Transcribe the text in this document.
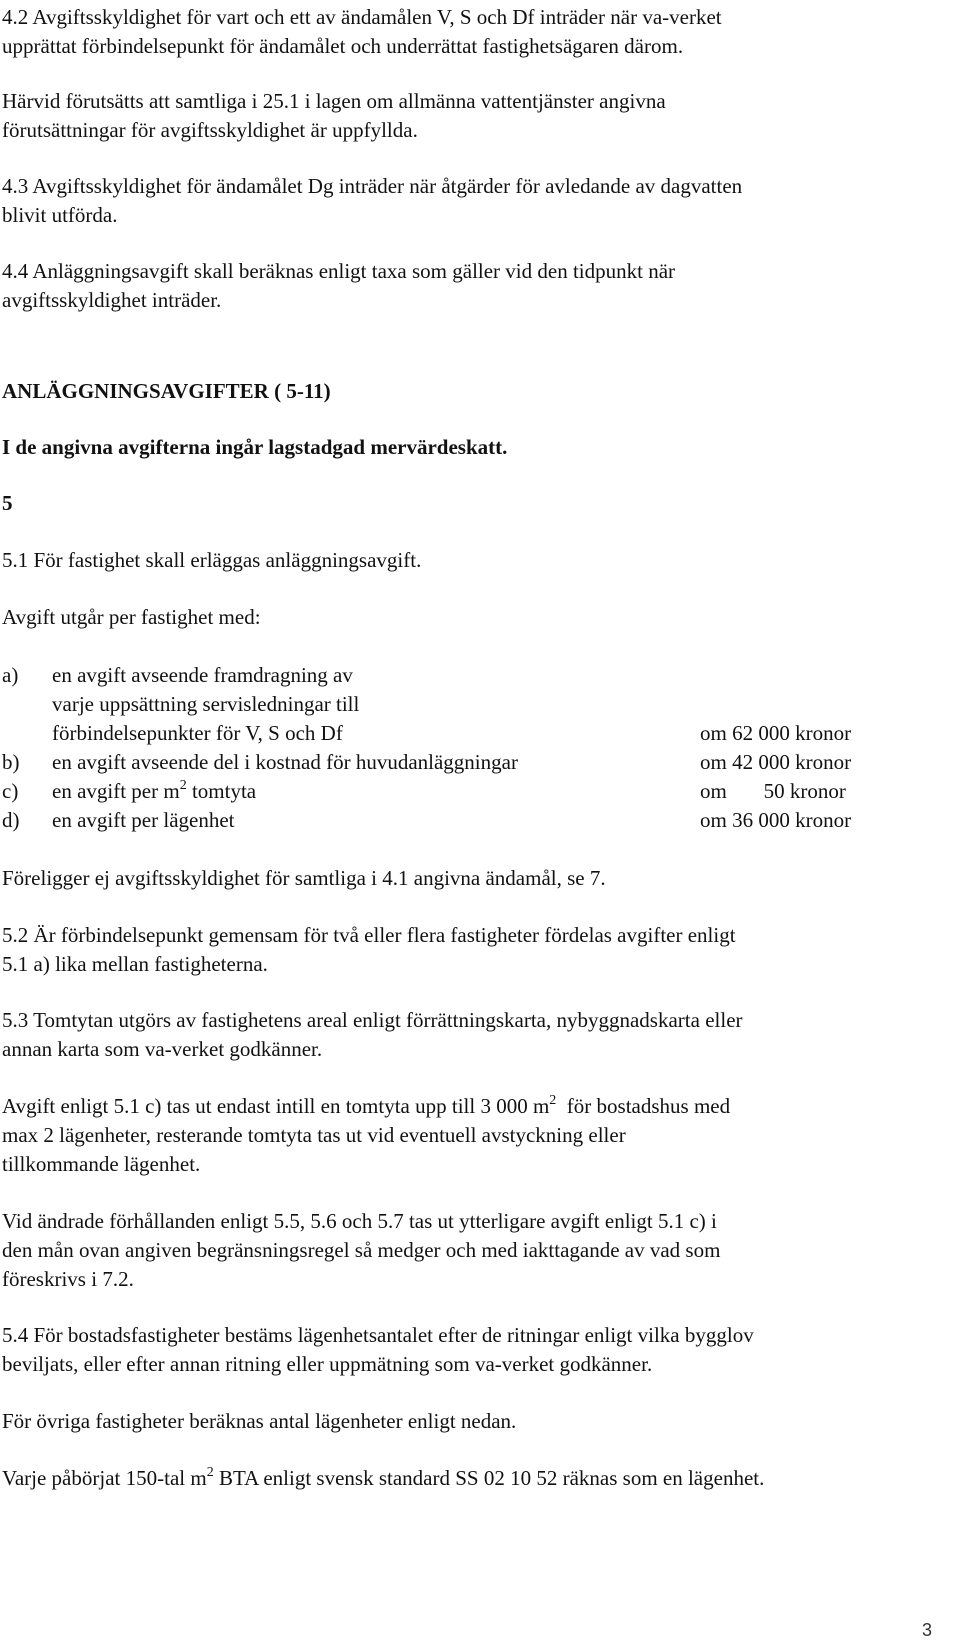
4.2 Avgiftsskyldighet för vart och ett av ändamålen V, S och Df inträder när va-verket
upprättat förbindelsepunkt för ändamålet och underrättat fastighetsägaren därom.
Härvid förutsätts att samtliga i 25.1 i lagen om allmänna vattentjänster angivna
förutsättningar för avgiftsskyldighet är uppfyllda.
4.3 Avgiftsskyldighet för ändamålet Dg inträder när åtgärder för avledande av dagvatten
blivit utförda.
4.4 Anläggningsavgift skall beräknas enligt taxa som gäller vid den tidpunkt när
avgiftsskyldighet inträder.
ANLÄGGNINGSAVGIFTER ( 5-11)
I de angivna avgifterna ingår lagstadgad mervärdeskatt.
5
5.1 För fastighet skall erläggas anläggningsavgift.
Avgift utgår per fastighet med:
a) en avgift avseende framdragning av
varje uppsättning servisledningar till
förbindelsepunkter för V, S och Df	om 62 000 kronor
b) en avgift avseende del i kostnad för huvudanläggningar	om 42 000 kronor
c) en avgift per $m^2$ tomtyta	om       50 kronor
d) en avgift per lägenhet	om 36 000 kronor
Föreligger ej avgiftsskyldighet för samtliga i 4.1 angivna ändamål, se 7.
5.2 Är förbindelsepunkt gemensam för två eller flera fastigheter fördelas avgifter enligt
5.1 a) lika mellan fastigheterna.
5.3 Tomtytan utgörs av fastighetens areal enligt förrättningskarta, nybyggnadskarta eller
annan karta som va-verket godkänner.
Avgift enligt 5.1 c) tas ut endast intill en tomtyta upp till 3 000 $m^2$  för bostadshus med
max 2 lägenheter, resterande tomtyta tas ut vid eventuell avstyckning eller
tillkommande lägenhet.
Vid ändrade förhållanden enligt 5.5, 5.6 och 5.7 tas ut ytterligare avgift enligt 5.1 c) i
den mån ovan angiven begränsningsregel så medger och med iakttagande av vad som
föreskrivs i 7.2.
5.4 För bostadsfastigheter bestäms lägenhetsantalet efter de ritningar enligt vilka bygglov
beviljats, eller efter annan ritning eller uppmätning som va-verket godkänner.
För övriga fastigheter beräknas antal lägenheter enligt nedan.
Varje påbörjat 150-tal $m^2$ BTA enligt svensk standard SS 02 10 52 räknas som en lägenhet.
3
